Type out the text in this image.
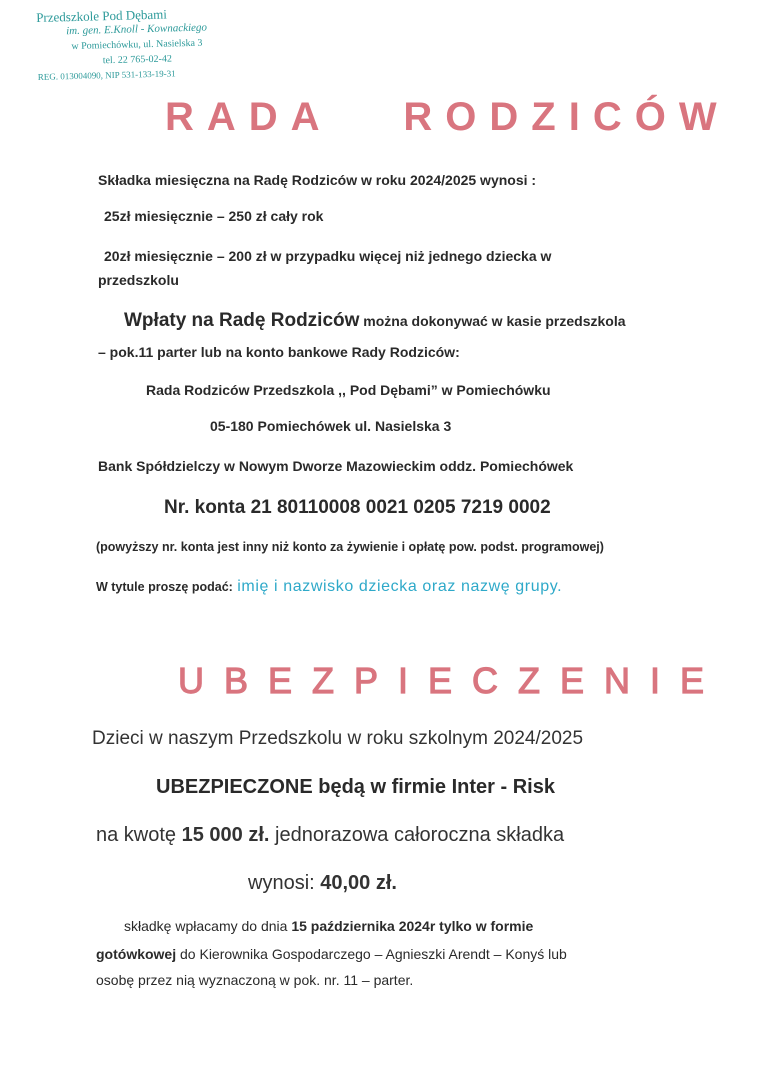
Przedszkole Pod Dębami
im. gen. E.Knoll - Kownackiego
w Pomiechówku, ul. Nasielska 3
tel. 22 765-02-42
REG. 013004090, NIP 531-133-19-31
RADA   RODZICÓW
Składka miesięczna na Radę Rodziców w roku 2024/2025 wynosi :
25zł miesięcznie – 250 zł cały rok
20zł miesięcznie – 200 zł w przypadku więcej niż jednego dziecka w
przedszkolu
Wpłaty na Radę Rodziców można dokonywać w kasie przedszkola
– pok.11 parter lub na konto bankowe Rady Rodziców:
Rada Rodziców Przedszkola ,, Pod Dębami” w Pomiechówku
05-180 Pomiechówek ul. Nasielska 3
Bank Spółdzielczy w Nowym Dworze Mazowieckim oddz. Pomiechówek
Nr. konta 21 80110008 0021 0205 7219 0002
(powyższy nr. konta jest inny niż konto za żywienie i opłatę pow. podst. programowej)
W tytule proszę podać: imię i nazwisko dziecka oraz nazwę grupy.
UBEZPIECZENIE
Dzieci w naszym Przedszkolu w roku szkolnym 2024/2025
UBEZPIECZONE będą w firmie Inter - Risk
na kwotę 15 000 zł. jednorazowa całoroczna składka
wynosi: 40,00 zł.
składkę wpłacamy do dnia 15 października 2024r tylko w formie
gotówkowej do Kierownika Gospodarczego – Agnieszki Arendt – Konyś lub
osobę przez nią wyznaczoną w pok. nr. 11 – parter.
